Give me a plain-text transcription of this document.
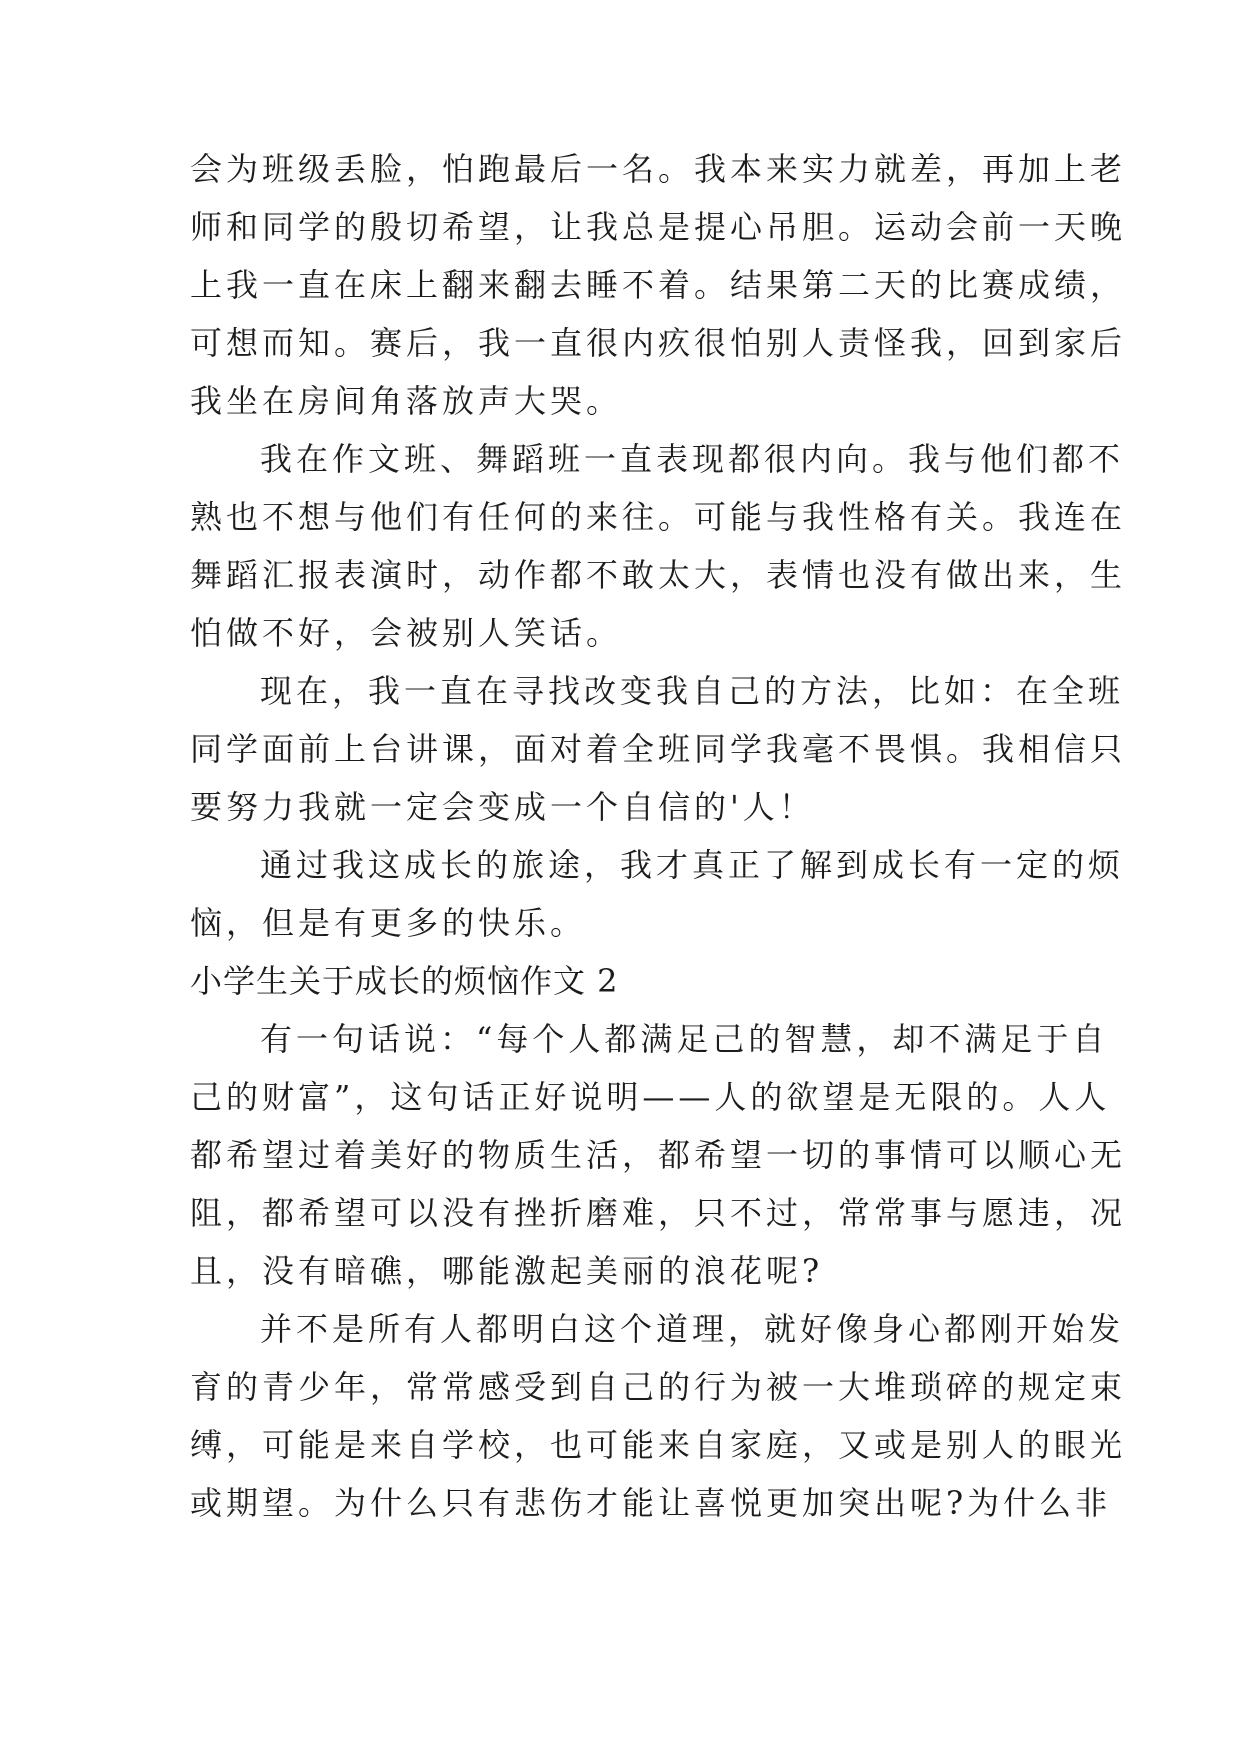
会为班级丢脸，怕跑最后一名。我本来实力就差，再加上老
师和同学的殷切希望，让我总是提心吊胆。运动会前一天晚
上我一直在床上翻来翻去睡不着。结果第二天的比赛成绩，
可想而知。赛后，我一直很内疚很怕别人责怪我，回到家后
我坐在房间角落放声大哭。
我在作文班、舞蹈班一直表现都很内向。我与他们都不
熟也不想与他们有任何的来往。可能与我性格有关。我连在
舞蹈汇报表演时，动作都不敢太大，表情也没有做出来，生
怕做不好，会被别人笑话。
现在，我一直在寻找改变我自己的方法，比如：在全班
同学面前上台讲课，面对着全班同学我毫不畏惧。我相信只
要努力我就一定会变成一个自信的'人！
通过我这成长的旅途，我才真正了解到成长有一定的烦
恼，但是有更多的快乐。
小学生关于成长的烦恼作文 2
有一句话说：“每个人都满足己的智慧，却不满足于自
己的财富”，这句话正好说明——人的欲望是无限的。人人
都希望过着美好的物质生活，都希望一切的事情可以顺心无
阻，都希望可以没有挫折磨难，只不过，常常事与愿违，况
且，没有暗礁，哪能激起美丽的浪花呢?
并不是所有人都明白这个道理，就好像身心都刚开始发
育的青少年，常常感受到自己的行为被一大堆琐碎的规定束
缚，可能是来自学校，也可能来自家庭，又或是别人的眼光
或期望。为什么只有悲伤才能让喜悦更加突出呢?为什么非
